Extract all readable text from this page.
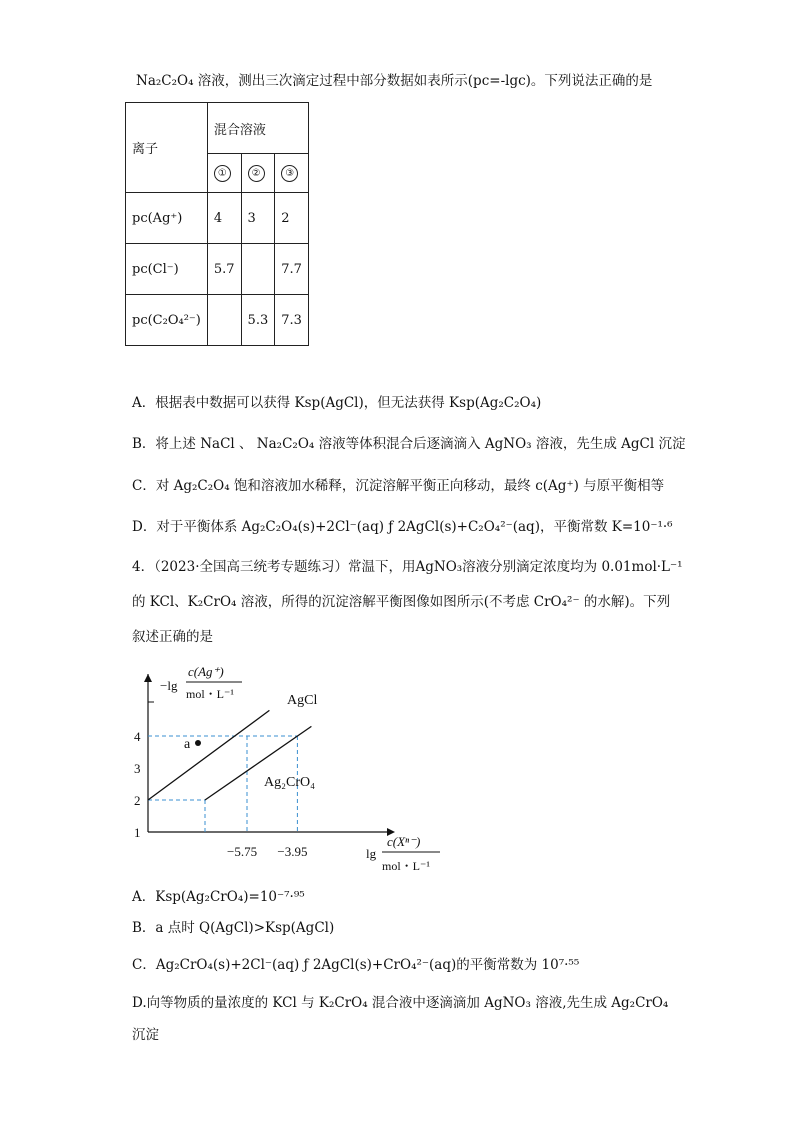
Na₂C₂O₄ 溶液，测出三次滴定过程中部分数据如表所示(pc=-lgc)。下列说法正确的是
离子	混合溶液		
	①	②	③
pc(Ag⁺)	4	3	2
pc(Cl⁻)	5.7		7.7
pc(C₂O₄²⁻)		5.3	7.3
A．根据表中数据可以获得 Ksp(AgCl)，但无法获得 Ksp(Ag₂C₂O₄)
B．将上述 NaCl 、 Na₂C₂O₄ 溶液等体积混合后逐滴滴入 AgNO₃ 溶液，先生成 AgCl 沉淀
C．对 Ag₂C₂O₄ 饱和溶液加水稀释，沉淀溶解平衡正向移动，最终 c(Ag⁺) 与原平衡相等
D．对于平衡体系 Ag₂C₂O₄(s)+2Cl⁻(aq) ƒ 2AgCl(s)+C₂O₄²⁻(aq)，平衡常数 K=10⁻¹·⁶
4．（2023·全国高三统考专题练习）常温下，用AgNO₃溶液分别滴定浓度均为 0.01mol·L⁻¹
的 KCl、K₂CrO₄ 溶液，所得的沉淀溶解平衡图像如图所示(不考虑 CrO₄²⁻ 的水解)。下列
叙述正确的是
−lg
c(Ag⁺)
mol・L⁻¹
lg
c(Xⁿ⁻)
mol・L⁻¹
1
2
3
4
AgCl
Ag₂CrO₄
a
−5.75 −3.95
A．Ksp(Ag₂CrO₄)=10⁻⁷·⁹⁵
B．a 点时 Q(AgCl)>Ksp(AgCl)
C．Ag₂CrO₄(s)+2Cl⁻(aq) ƒ 2AgCl(s)+CrO₄²⁻(aq)的平衡常数为 10⁷·⁵⁵
D.向等物质的量浓度的 KCl 与 K₂CrO₄ 混合液中逐滴滴加 AgNO₃ 溶液,先生成 Ag₂CrO₄
沉淀
